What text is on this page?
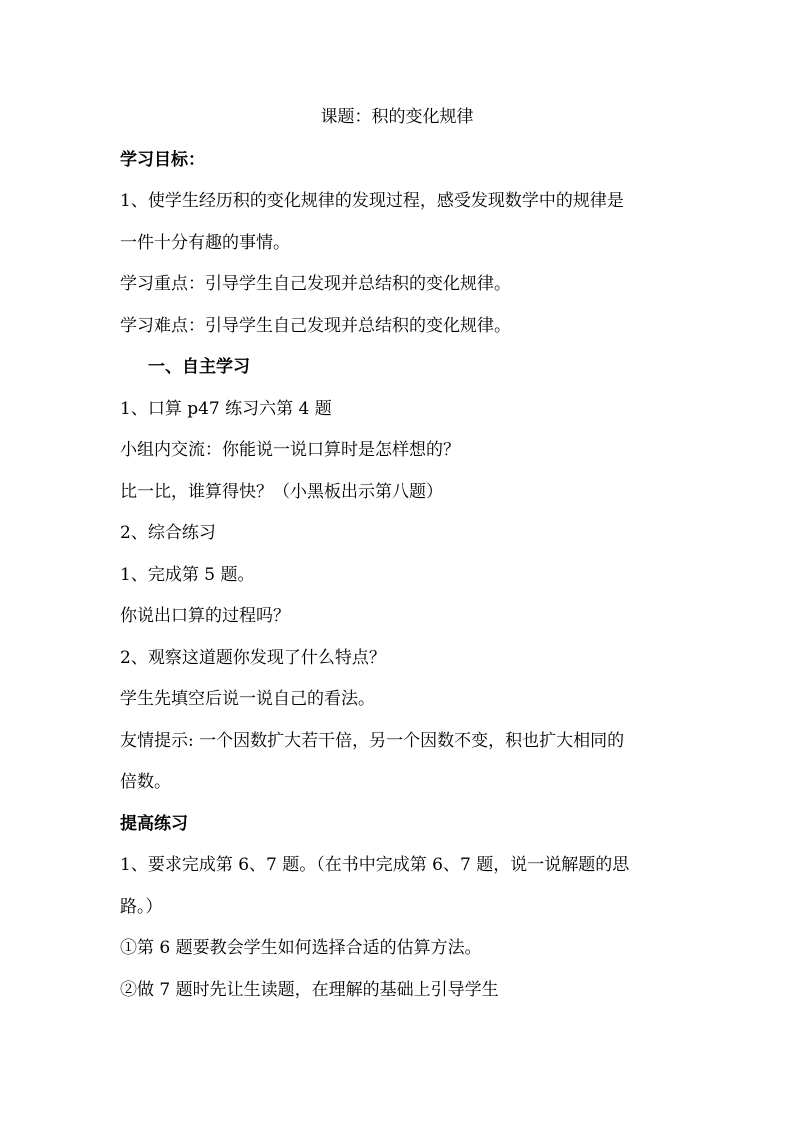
课题：积的变化规律
学习目标：
1、使学生经历积的变化规律的发现过程，感受发现数学中的规律是
一件十分有趣的事情。
学习重点：引导学生自己发现并总结积的变化规律。
学习难点：引导学生自己发现并总结积的变化规律。
一、自主学习
1、口算 p47 练习六第 4 题
小组内交流：你能说一说口算时是怎样想的？
比一比，谁算得快？（小黑板出示第八题）
2、综合练习
1、完成第 5 题。
你说出口算的过程吗？
2、观察这道题你发现了什么特点？
学生先填空后说一说自己的看法。
友情提示: 一个因数扩大若干倍，另一个因数不变，积也扩大相同的
倍数。
提高练习
1、要求完成第 6、7 题。（在书中完成第 6、7 题，说一说解题的思
路。）
①第 6 题要教会学生如何选择合适的估算方法。
②做 7 题时先让生读题，在理解的基础上引导学生
